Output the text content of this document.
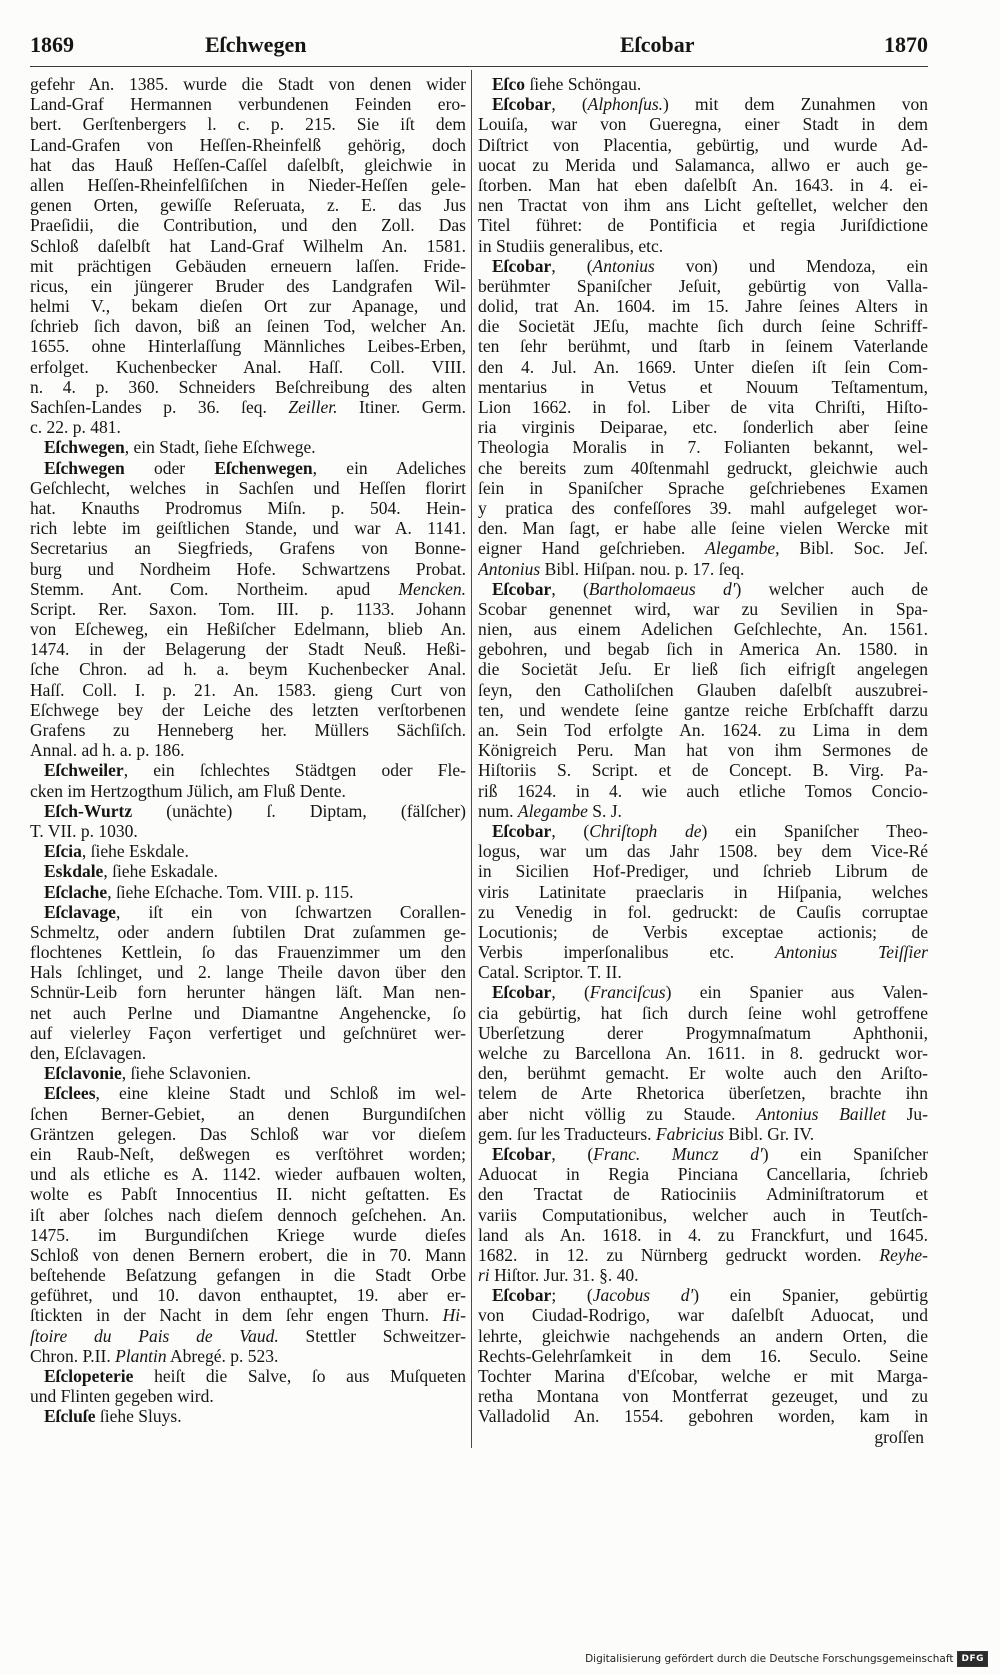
1869	Eſchwegen	Eſcobar	1870
gefehr An. 1385. wurde die Stadt von denen wider
Land-Graf Hermannen verbundenen Feinden ero-
bert. Gerſtenbergers l. c. p. 215. Sie iſt dem
Land-Grafen von Heſſen-Rheinfelß gehörig, doch
hat das Hauß Heſſen-Caſſel daſelbſt, gleichwie in
allen Heſſen-Rheinfelſiſchen in Nieder-Heſſen gele-
genen Orten, gewiſſe Reſeruata, z. E. das Jus
Praeſidii, die Contribution, und den Zoll. Das
Schloß daſelbſt hat Land-Graf Wilhelm An. 1581.
mit prächtigen Gebäuden erneuern laſſen. Fride-
ricus, ein jüngerer Bruder des Landgrafen Wil-
helmi V., bekam dieſen Ort zur Apanage, und
ſchrieb ſich davon, biß an ſeinen Tod, welcher An.
1655. ohne Hinterlaſſung Männliches Leibes-Erben,
erfolget. Kuchenbecker Anal. Haſſ. Coll. VIII.
n. 4. p. 360. Schneiders Beſchreibung des alten
Sachſen-Landes p. 36. ſeq. Zeiller. Itiner. Germ.
c. 22. p. 481.
Eſchwegen, ein Stadt, ſiehe Eſchwege.
Eſchwegen oder Eſchenwegen, ein Adeliches
Geſchlecht, welches in Sachſen und Heſſen florirt
hat. Knauths Prodromus Miſn. p. 504. Hein-
rich lebte im geiſtlichen Stande, und war A. 1141.
Secretarius an Siegfrieds, Grafens von Bonne-
burg und Nordheim Hofe. Schwartzens Probat.
Stemm. Ant. Com. Northeim. apud Mencken.
Script. Rer. Saxon. Tom. III. p. 1133. Johann
von Eſcheweg, ein Heßiſcher Edelmann, blieb An.
1474. in der Belagerung der Stadt Neuß. Heßi-
ſche Chron. ad h. a. beym Kuchenbecker Anal.
Haſſ. Coll. I. p. 21. An. 1583. gieng Curt von
Eſchwege bey der Leiche des letzten verſtorbenen
Grafens zu Henneberg her. Müllers Sächſiſch.
Annal. ad h. a. p. 186.
Eſchweiler, ein ſchlechtes Städtgen oder Fle-
cken im Hertzogthum Jülich, am Fluß Dente.
Eſch-Wurtz (unächte) ſ. Diptam, (fälſcher)
T. VII. p. 1030.
Eſcia, ſiehe Eskdale.
Eskdale, ſiehe Eskadale.
Eſclache, ſiehe Eſchache. Tom. VIII. p. 115.
Eſclavage, iſt ein von ſchwartzen Corallen-
Schmeltz, oder andern ſubtilen Drat zuſammen ge-
flochtenes Kettlein, ſo das Frauenzimmer um den
Hals ſchlinget, und 2. lange Theile davon über den
Schnür-Leib forn herunter hängen läſt. Man nen-
net auch Perlne und Diamantne Angehencke, ſo
auf vielerley Façon verfertiget und geſchnüret wer-
den, Eſclavagen.
Eſclavonie, ſiehe Sclavonien.
Eſclees, eine kleine Stadt und Schloß im wel-
ſchen Berner-Gebiet, an denen Burgundiſchen
Gräntzen gelegen. Das Schloß war vor dieſem
ein Raub-Neſt, deßwegen es verſtöhret worden;
und als etliche es A. 1142. wieder aufbauen wolten,
wolte es Pabſt Innocentius II. nicht geſtatten. Es
iſt aber ſolches nach dieſem dennoch geſchehen. An.
1475. im Burgundiſchen Kriege wurde dieſes
Schloß von denen Bernern erobert, die in 70. Mann
beſtehende Beſatzung gefangen in die Stadt Orbe
geführet, und 10. davon enthauptet, 19. aber er-
ſtickten in der Nacht in dem ſehr engen Thurn. Hi-
ſtoire du Pais de Vaud. Stettler Schweitzer-
Chron. P.II. Plantin Abregé. p. 523.
Eſclopeterie heiſt die Salve, ſo aus Muſqueten
und Flinten gegeben wird.
Eſcluſe ſiehe Sluys.
Eſco ſiehe Schöngau.
Eſcobar, (Alphonſus.) mit dem Zunahmen von
Louiſa, war von Gueregna, einer Stadt in dem
Diſtrict von Placentia, gebürtig, und wurde Ad-
uocat zu Merida und Salamanca, allwo er auch ge-
ſtorben. Man hat eben daſelbſt An. 1643. in 4. ei-
nen Tractat von ihm ans Licht geſtellet, welcher den
Titel führet: de Pontificia et regia Juriſdictione
in Studiis generalibus, etc.
Eſcobar, (Antonius von) und Mendoza, ein
berühmter Spaniſcher Jeſuit, gebürtig von Valla-
dolid, trat An. 1604. im 15. Jahre ſeines Alters in
die Societät JEſu, machte ſich durch ſeine Schriff-
ten ſehr berühmt, und ſtarb in ſeinem Vaterlande
den 4. Jul. An. 1669. Unter dieſen iſt ſein Com-
mentarius in Vetus et Nouum Teſtamentum,
Lion 1662. in fol. Liber de vita Chriſti, Hiſto-
ria virginis Deiparae, etc. ſonderlich aber ſeine
Theologia Moralis in 7. Folianten bekannt, wel-
che bereits zum 40ſtenmahl gedruckt, gleichwie auch
ſein in Spaniſcher Sprache geſchriebenes Examen
y pratica des confeſſores 39. mahl aufgeleget wor-
den. Man ſagt, er habe alle ſeine vielen Wercke mit
eigner Hand geſchrieben. Alegambe, Bibl. Soc. Jeſ.
Antonius Bibl. Hiſpan. nou. p. 17. ſeq.
Eſcobar, (Bartholomaeus d') welcher auch de
Scobar genennet wird, war zu Sevilien in Spa-
nien, aus einem Adelichen Geſchlechte, An. 1561.
gebohren, und begab ſich in America An. 1580. in
die Societät Jeſu. Er ließ ſich eifrigſt angelegen
ſeyn, den Catholiſchen Glauben daſelbſt auszubrei-
ten, und wendete ſeine gantze reiche Erbſchafft darzu
an. Sein Tod erfolgte An. 1624. zu Lima in dem
Königreich Peru. Man hat von ihm Sermones de
Hiſtoriis S. Script. et de Concept. B. Virg. Pa-
riß 1624. in 4. wie auch etliche Tomos Concio-
num. Alegambe S. J.
Eſcobar, (Chriſtoph de) ein Spaniſcher Theo-
logus, war um das Jahr 1508. bey dem Vice-Ré
in Sicilien Hof-Prediger, und ſchrieb Librum de
viris Latinitate praeclaris in Hiſpania, welches
zu Venedig in fol. gedruckt: de Cauſis corruptae
Locutionis; de Verbis exceptae actionis; de
Verbis imperſonalibus etc. Antonius Teiſſier
Catal. Scriptor. T. II.
Eſcobar, (Franciſcus) ein Spanier aus Valen-
cia gebürtig, hat ſich durch ſeine wohl getroffene
Uberſetzung derer Progymnaſmatum Aphthonii,
welche zu Barcellona An. 1611. in 8. gedruckt wor-
den, berühmt gemacht. Er wolte auch den Ariſto-
telem de Arte Rhetorica überſetzen, brachte ihn
aber nicht völlig zu Staude. Antonius Baillet Ju-
gem. ſur les Traducteurs. Fabricius Bibl. Gr. IV.
Eſcobar, (Franc. Muncz d') ein Spaniſcher
Aduocat in Regia Pinciana Cancellaria, ſchrieb
den Tractat de Ratiociniis Adminiſtratorum et
variis Computationibus, welcher auch in Teutſch-
land als An. 1618. in 4. zu Franckfurt, und 1645.
1682. in 12. zu Nürnberg gedruckt worden. Reyhe-
ri Hiſtor. Jur. 31. §. 40.
Eſcobar; (Jacobus d') ein Spanier, gebürtig
von Ciudad-Rodrigo, war daſelbſt Aduocat, und
lehrte, gleichwie nachgehends an andern Orten, die
Rechts-Gelehrſamkeit in dem 16. Seculo. Seine
Tochter Marina d'Eſcobar, welche er mit Marga-
retha Montana von Montferrat gezeuget, und zu
Valladolid An. 1554. gebohren worden, kam in
groſſen
Digitalisierung gefördert durch die Deutsche Forschungsgemeinschaft DFG
